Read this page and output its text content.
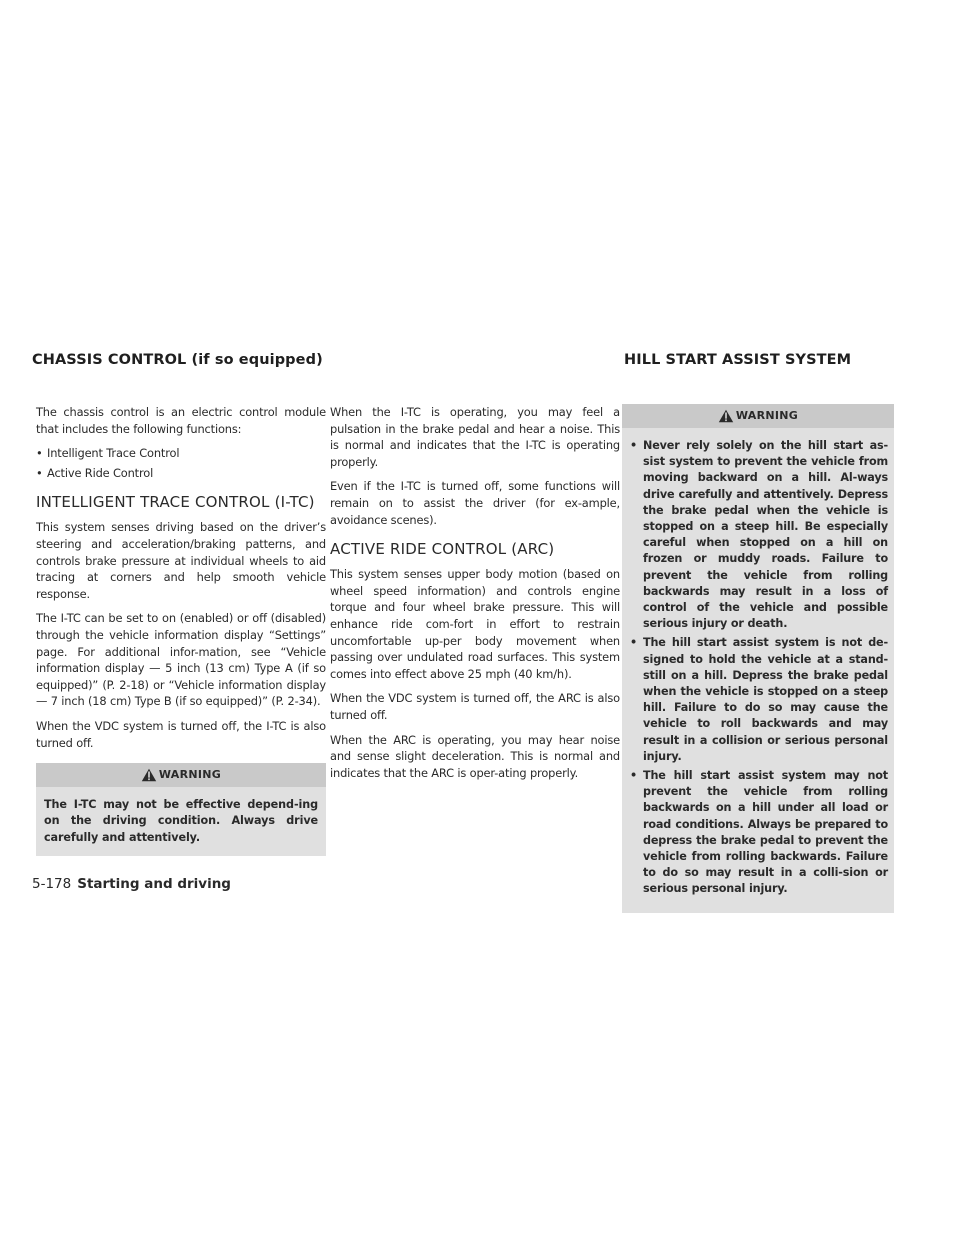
CHASSIS CONTROL (if so equipped)	HILL START ASSIST SYSTEM

The chassis control is an electric control module that includes the following functions:

• Intelligent Trace Control
• Active Ride Control
INTELLIGENT TRACE CONTROL (I-TC)

This system senses driving based on the driver’s steering and acceleration/braking patterns, and controls brake pressure at individual wheels to aid tracing at corners and help smooth vehicle response.

The I-TC can be set to on (enabled) or off (disabled) through the vehicle information display “Settings” page. For additional infor-mation, see “Vehicle information display — 5 inch (13 cm) Type A (if so equipped)” (P. 2-18) or “Vehicle information display — 7 inch (18 cm) Type B (if so equipped)” (P. 2-34).

When the VDC system is turned off, the I-TC is also turned off.

WARNING
The I-TC may not be effective depend-ing on the driving condition. Always drive carefully and attentively.

When the I-TC is operating, you may feel a pulsation in the brake pedal and hear a noise. This is normal and indicates that the I-TC is operating properly.

Even if the I-TC is turned off, some functions will remain on to assist the driver (for ex-ample, avoidance scenes).

ACTIVE RIDE CONTROL (ARC)

This system senses upper body motion (based on wheel speed information) and controls engine torque and four wheel brake pressure. This will enhance ride com-fort in effort to restrain uncomfortable up-per body movement when passing over undulated road surfaces. This system comes into effect above 25 mph (40 km/h).

When the VDC system is turned off, the ARC is also turned off.

When the ARC is operating, you may hear noise and sense slight deceleration. This is normal and indicates that the ARC is oper-ating properly.

WARNING
• Never rely solely on the hill start as-sist system to prevent the vehicle from moving backward on a hill. Al-ways drive carefully and attentively. Depress the brake pedal when the vehicle is stopped on a steep hill. Be especially careful when stopped on a hill on frozen or muddy roads. Failure to prevent the vehicle from rolling backwards may result in a loss of control of the vehicle and possible serious injury or death.
• The hill start assist system is not de-signed to hold the vehicle at a stand-still on a hill. Depress the brake pedal when the vehicle is stopped on a steep hill. Failure to do so may cause the vehicle to roll backwards and may result in a collision or serious personal injury.
• The hill start assist system may not prevent the vehicle from rolling backwards on a hill under all load or road conditions. Always be prepared to depress the brake pedal to prevent the vehicle from rolling backwards. Failure to do so may result in a colli-sion or serious personal injury.
5-178 Starting and driving
